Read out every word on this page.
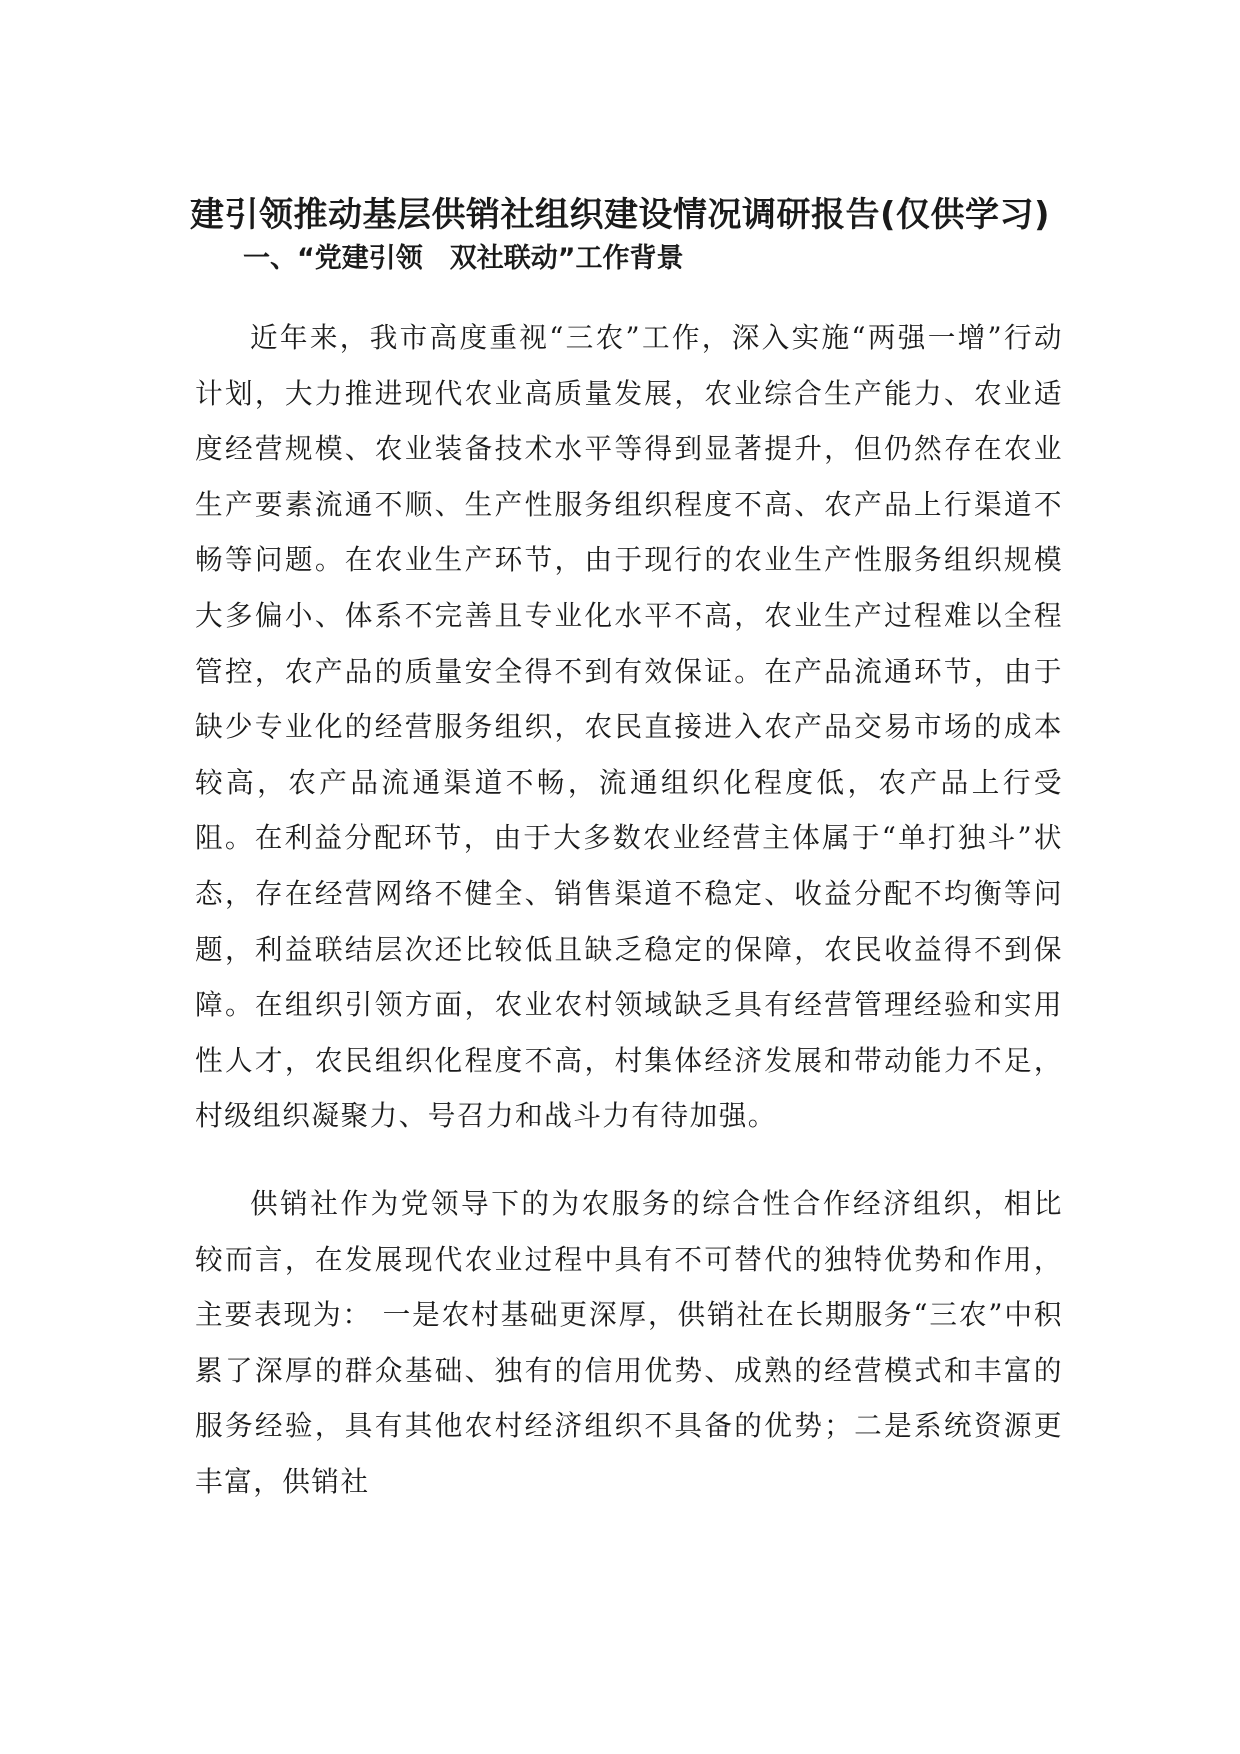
建引领推动基层供销社组织建设情况调研报告(仅供学习)
一、“党建引领　双社联动”工作背景

近年来，我市高度重视“三农”工作，深入实施“两强一增”行动计划，大力推进现代农业高质量发展，农业综合生产能力、农业适度经营规模、农业装备技术水平等得到显著提升，但仍然存在农业生产要素流通不顺、生产性服务组织程度不高、农产品上行渠道不畅等问题。在农业生产环节，由于现行的农业生产性服务组织规模大多偏小、体系不完善且专业化水平不高，农业生产过程难以全程管控，农产品的质量安全得不到有效保证。在产品流通环节，由于缺少专业化的经营服务组织，农民直接进入农产品交易市场的成本较高，农产品流通渠道不畅，流通组织化程度低，农产品上行受阻。在利益分配环节，由于大多数农业经营主体属于“单打独斗”状态，存在经营网络不健全、销售渠道不稳定、收益分配不均衡等问题，利益联结层次还比较低且缺乏稳定的保障，农民收益得不到保障。在组织引领方面，农业农村领域缺乏具有经营管理经验和实用性人才，农民组织化程度不高，村集体经济发展和带动能力不足，村级组织凝聚力、号召力和战斗力有待加强。

供销社作为党领导下的为农服务的综合性合作经济组织，相比较而言，在发展现代农业过程中具有不可替代的独特优势和作用，主要表现为： 一是农村基础更深厚，供销社在长期服务“三农”中积累了深厚的群众基础、独有的信用优势、成熟的经营模式和丰富的服务经验，具有其他农村经济组织不具备的优势；二是系统资源更丰富，供销社
